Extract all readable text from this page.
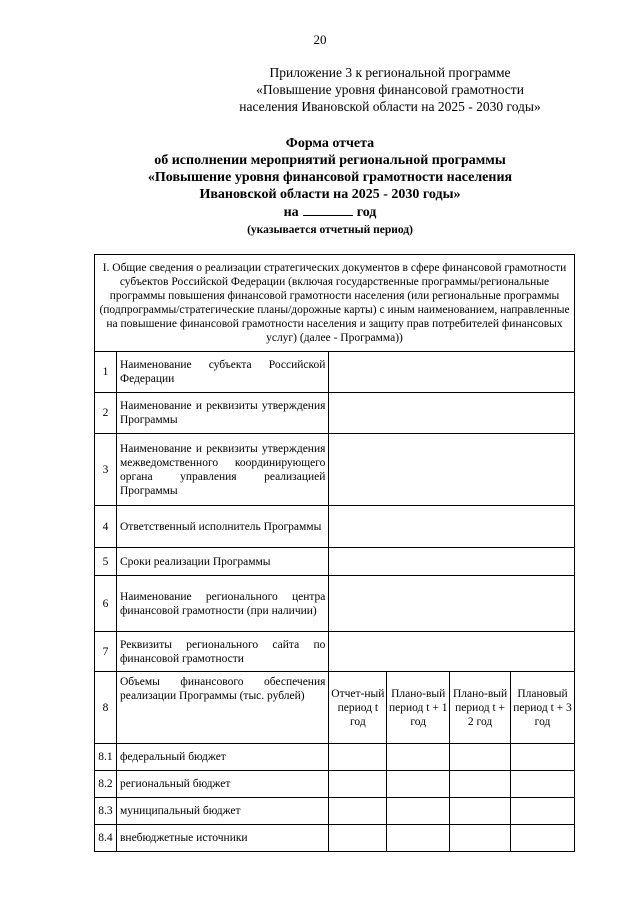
20
Приложение 3 к региональной программе
«Повышение уровня финансовой грамотности
населения Ивановской области на 2025 - 2030 годы»
Форма отчета
об исполнении мероприятий региональной программы
«Повышение уровня финансовой грамотности населения
Ивановской области на 2025 - 2030 годы»
на	год
(указывается отчетный период)
I. Общие сведения о реализации стратегических документов в сфере финансовой грамотности субъектов Российской Федерации (включая государственные программы/региональные программы повышения финансовой грамотности населения (или региональные программы (подпрограммы/стратегические планы/дорожные карты) с иным наименованием, направленные на повышение финансовой грамотности населения и защиту прав потребителей финансовых услуг) (далее - Программа))					
1	Наименование субъекта Российской Федерации				
2	Наименование и реквизиты утверждения Программы				
3	Наименование и реквизиты утверждения межведомственного координирующего органа управления реализацией Программы				
4	Ответственный исполнитель Программы				
5	Сроки реализации Программы				
6	Наименование регионального центра финансовой грамотности (при наличии)				
7	Реквизиты регионального сайта по финансовой грамотности				
8	Объемы финансового обеспечения реализации Программы (тыс. рублей)	Отчет-ный период t год	Плано-вый период t + 1 год	Плано-вый период t + 2 год	Плановый период t + 3 год
8.1	федеральный бюджет				
8.2	региональный бюджет				
8.3	муниципальный бюджет				
8.4	внебюджетные источники				
